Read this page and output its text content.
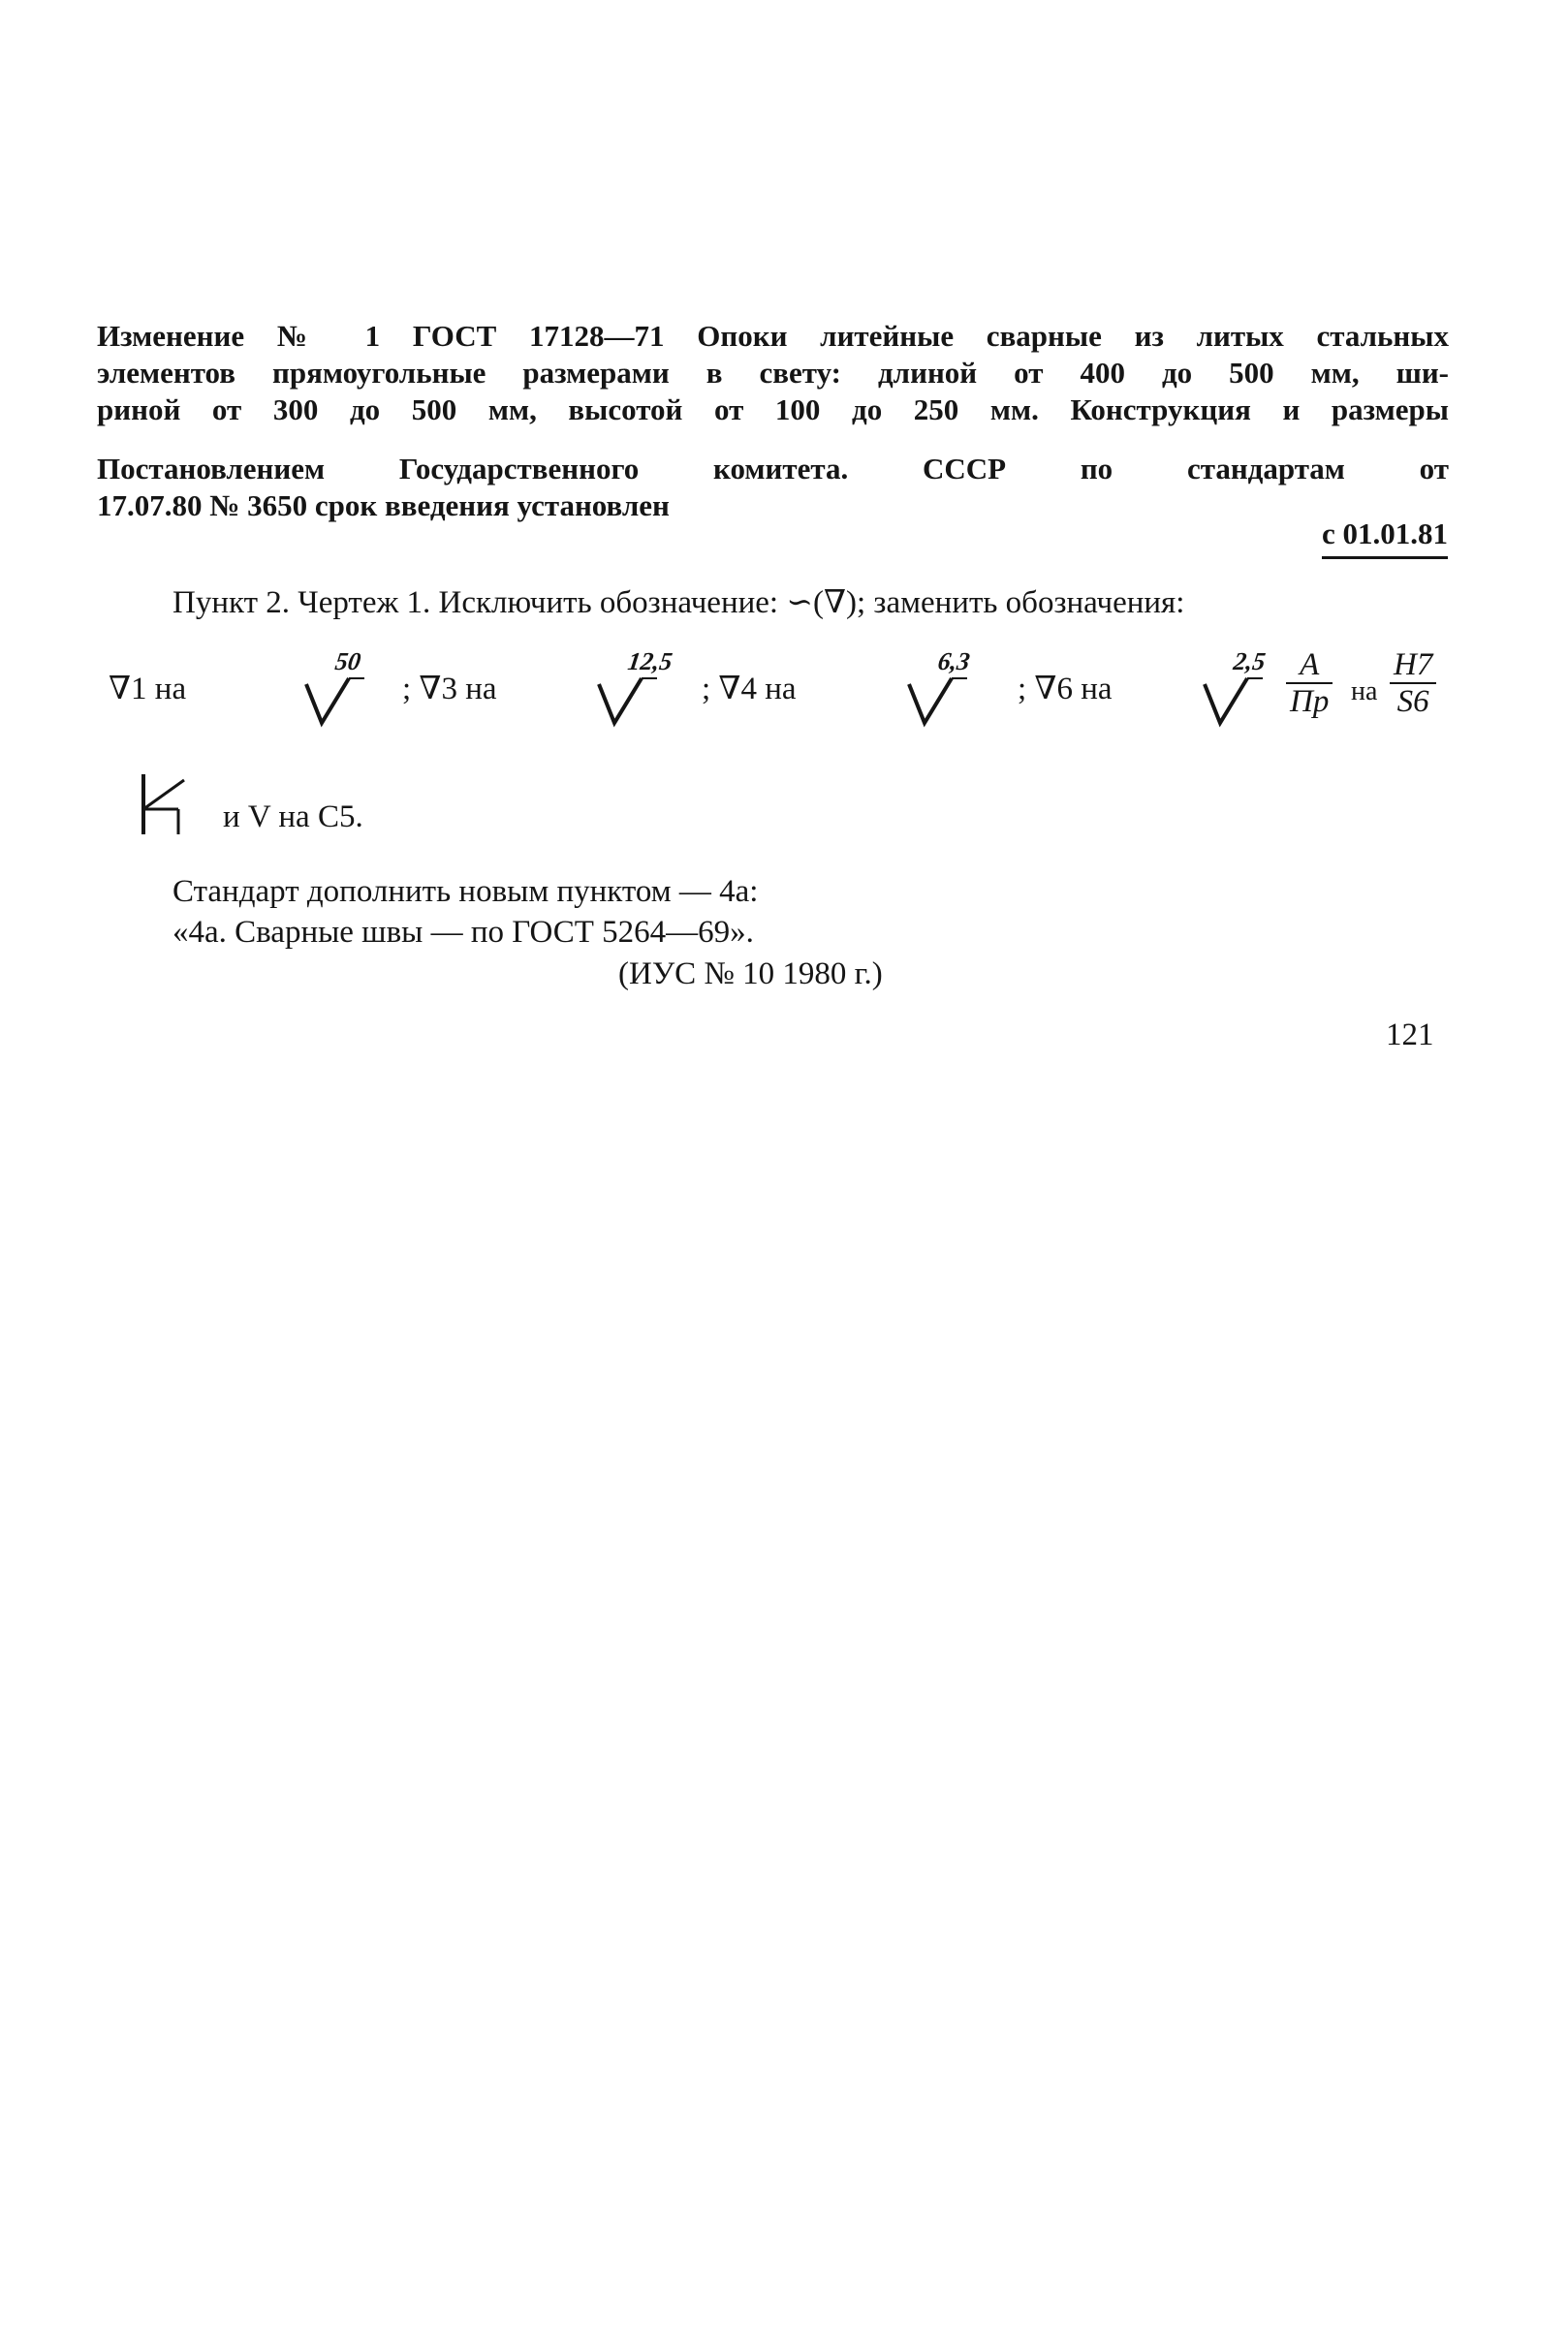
Изменение № 1 ГОСТ 17128—71 Опоки литейные сварные из литых стальных
элементов прямоугольные размерами в свету: длиной от 400 до 500 мм, ши-
риной от 300 до 500 мм, высотой от 100 до 250 мм. Конструкция и размеры
Постановлением Государственного комитета. СССР по стандартам от
17.07.80 № 3650 срок введения установлен
с 01.01.81
Пункт 2. Чертеж 1. Исключить обозначение: ∽(∇); заменить обозначения:
∇1 на
50
; ∇3 на
12,5
; ∇4 на
6,3
; ∇6 на
2,5	A
Пр на $\frac{H7}{S6}$
и V на C5.
Стандарт дополнить новым пунктом — 4а:
«4а. Сварные швы — по ГОСТ 5264—69».
(ИУС № 10 1980 г.)
121
